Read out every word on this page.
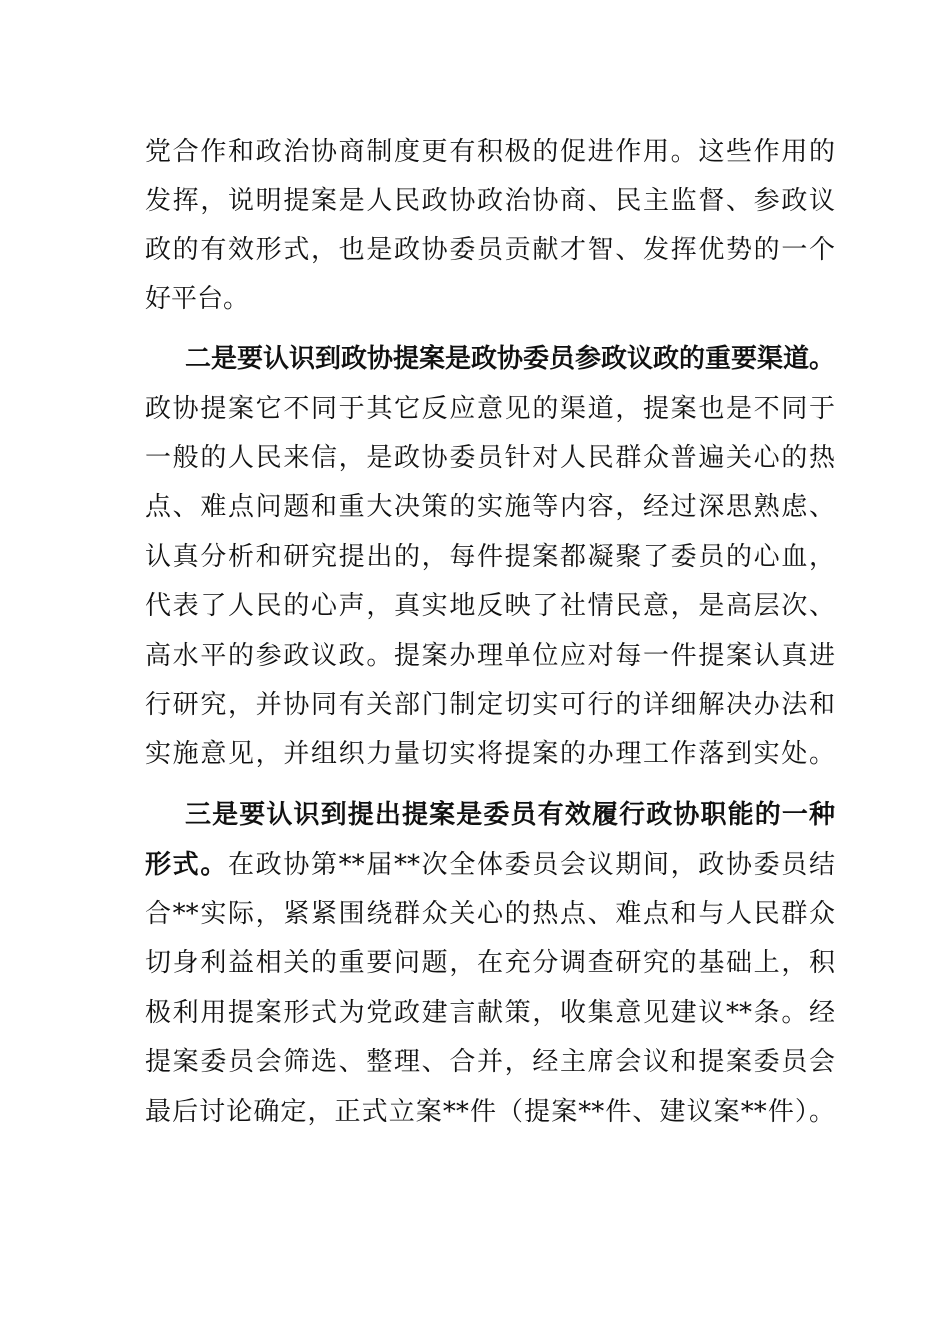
党合作和政治协商制度更有积极的促进作用。这些作用的
发挥，说明提案是人民政协政治协商、民主监督、参政议
政的有效形式，也是政协委员贡献才智、发挥优势的一个
好平台。
二是要认识到政协提案是政协委员参政议政的重要渠道。
政协提案它不同于其它反应意见的渠道，提案也是不同于
一般的人民来信，是政协委员针对人民群众普遍关心的热
点、难点问题和重大决策的实施等内容，经过深思熟虑、
认真分析和研究提出的，每件提案都凝聚了委员的心血，
代表了人民的心声，真实地反映了社情民意，是高层次、
高水平的参政议政。提案办理单位应对每一件提案认真进
行研究，并协同有关部门制定切实可行的详细解决办法和
实施意见，并组织力量切实将提案的办理工作落到实处。
三是要认识到提出提案是委员有效履行政协职能的一种
形式。在政协第**届**次全体委员会议期间，政协委员结
合**实际，紧紧围绕群众关心的热点、难点和与人民群众
切身利益相关的重要问题，在充分调查研究的基础上，积
极利用提案形式为党政建言献策，收集意见建议**条。经
提案委员会筛选、整理、合并，经主席会议和提案委员会
最后讨论确定，正式立案**件（提案**件、建议案**件）。
